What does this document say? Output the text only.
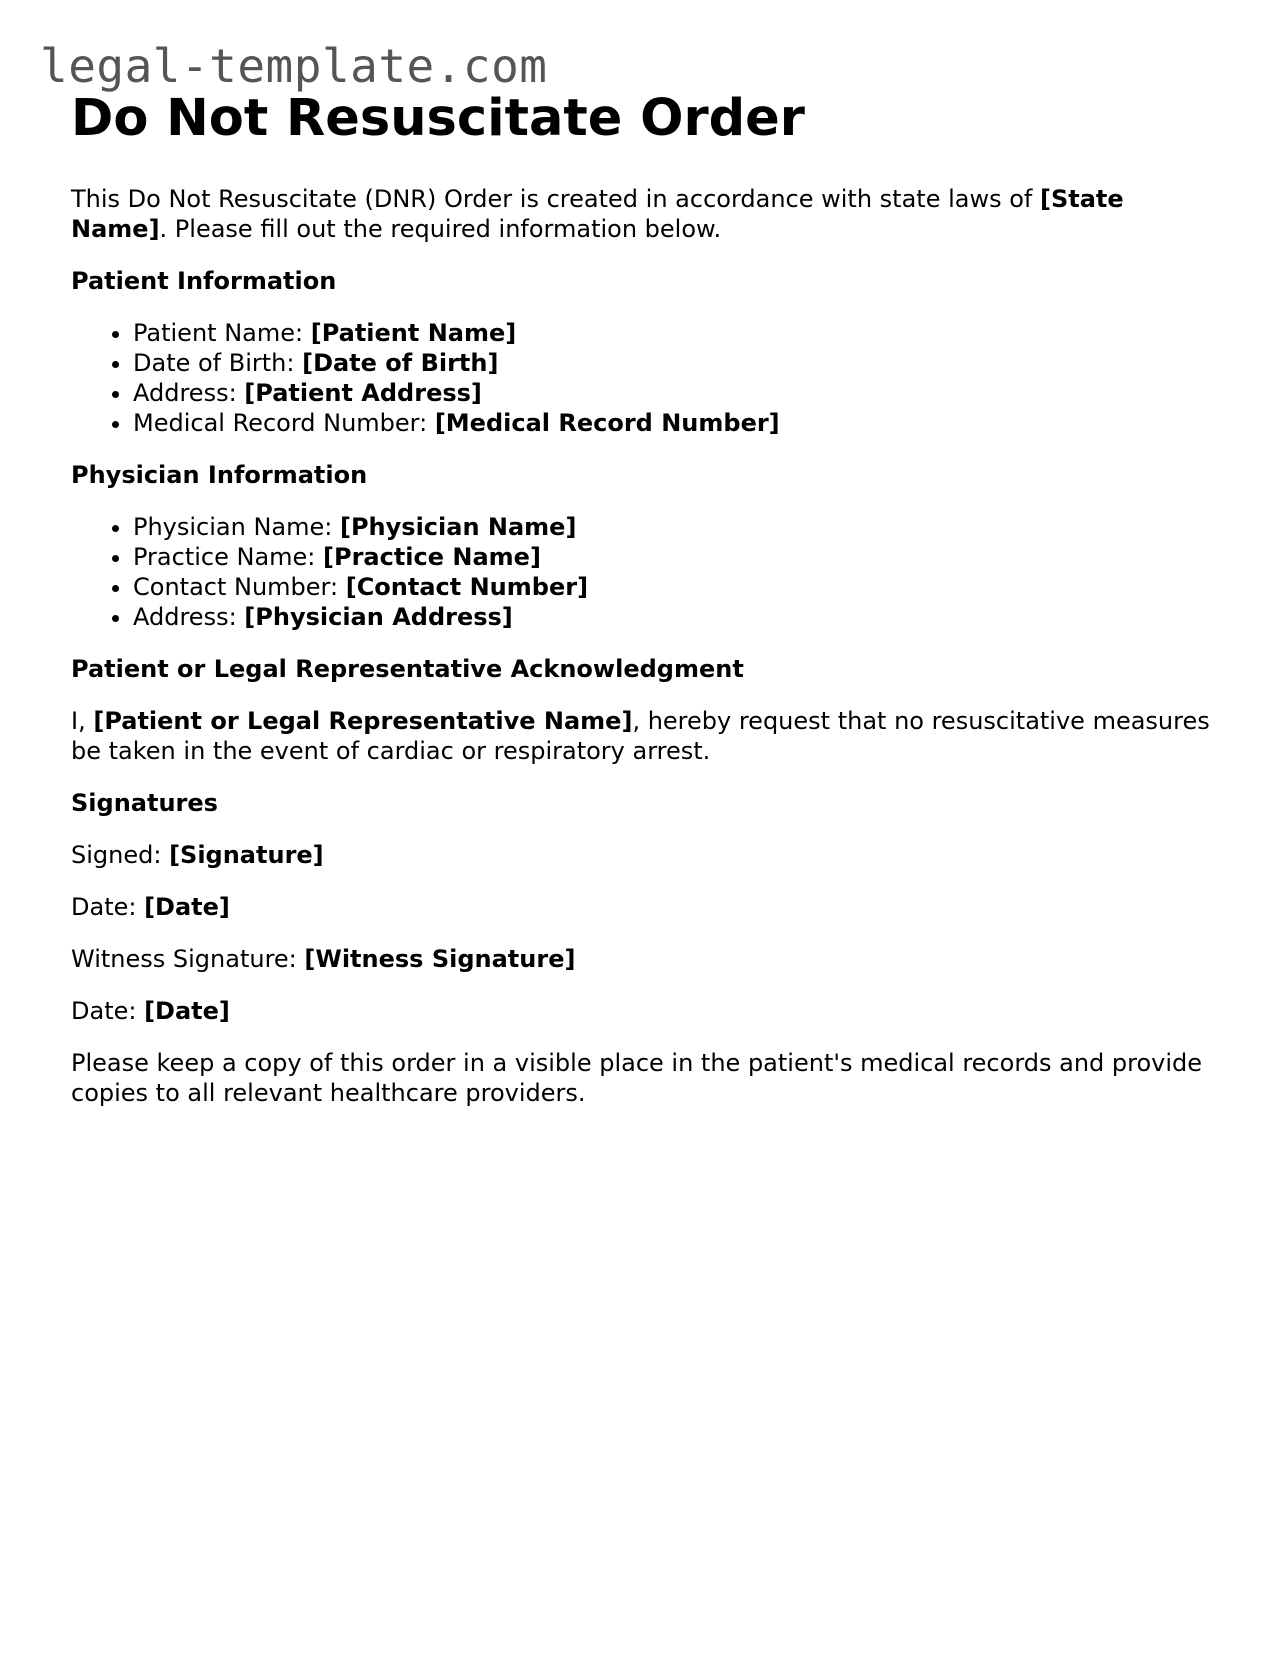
legal-template.com
Do Not Resuscitate Order

This Do Not Resuscitate (DNR) Order is created in accordance with state laws of [State Name]. Please fill out the required information below.

Patient Information

• Patient Name: [Patient Name]
• Date of Birth: [Date of Birth]
• Address: [Patient Address]
• Medical Record Number: [Medical Record Number]

Physician Information

• Physician Name: [Physician Name]
• Practice Name: [Practice Name]
• Contact Number: [Contact Number]
• Address: [Physician Address]

Patient or Legal Representative Acknowledgment

I, [Patient or Legal Representative Name], hereby request that no resuscitative measures be taken in the event of cardiac or respiratory arrest.

Signatures

Signed: [Signature]

Date: [Date]

Witness Signature: [Witness Signature]

Date: [Date]

Please keep a copy of this order in a visible place in the patient's medical records and provide copies to all relevant healthcare providers.
